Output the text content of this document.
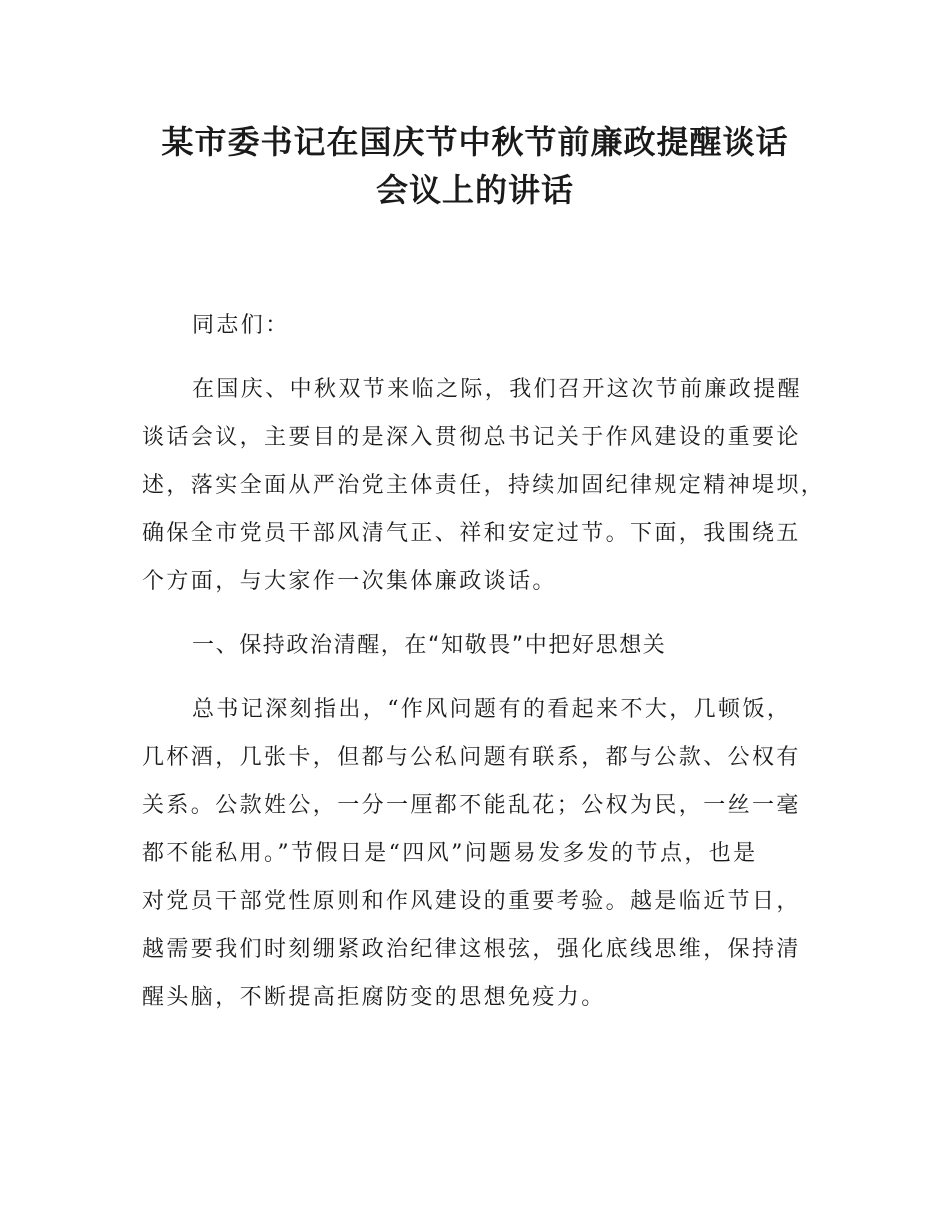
某市委书记在国庆节中秋节前廉政提醒谈话
会议上的讲话
同志们：
在国庆、中秋双节来临之际，我们召开这次节前廉政提醒
谈话会议，主要目的是深入贯彻总书记关于作风建设的重要论
述，落实全面从严治党主体责任，持续加固纪律规定精神堤坝，
确保全市党员干部风清气正、祥和安定过节。下面，我围绕五
个方面，与大家作一次集体廉政谈话。
一、保持政治清醒，在“知敬畏”中把好思想关
总书记深刻指出，“作风问题有的看起来不大，几顿饭，
几杯酒，几张卡，但都与公私问题有联系，都与公款、公权有
关系。公款姓公，一分一厘都不能乱花；公权为民，一丝一毫
都不能私用。”节假日是“四风”问题易发多发的节点，也是
对党员干部党性原则和作风建设的重要考验。越是临近节日，
越需要我们时刻绷紧政治纪律这根弦，强化底线思维，保持清
醒头脑，不断提高拒腐防变的思想免疫力。
